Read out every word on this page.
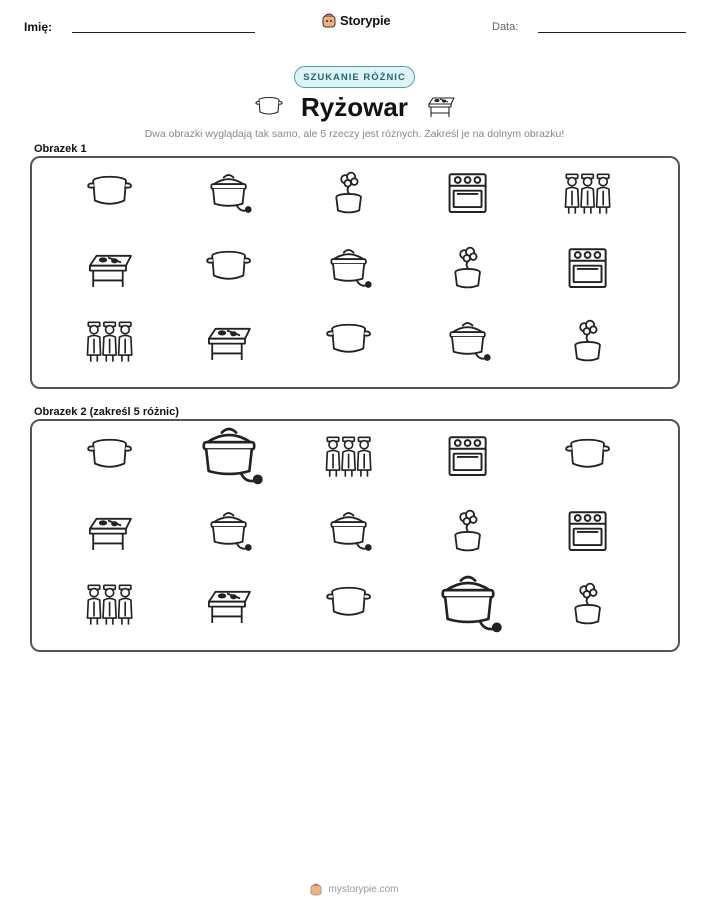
Imię:	Storypie	Data:
SZUKANIE RÓŻNIC
Ryżowar
Dwa obrazki wyglądają tak samo, ale 5 rzeczy jest różnych. Zakreśl je na dolnym obrazku!
Obrazek 1
Obrazek 2 (zakreśl 5 różnic)
mystorypie.com
